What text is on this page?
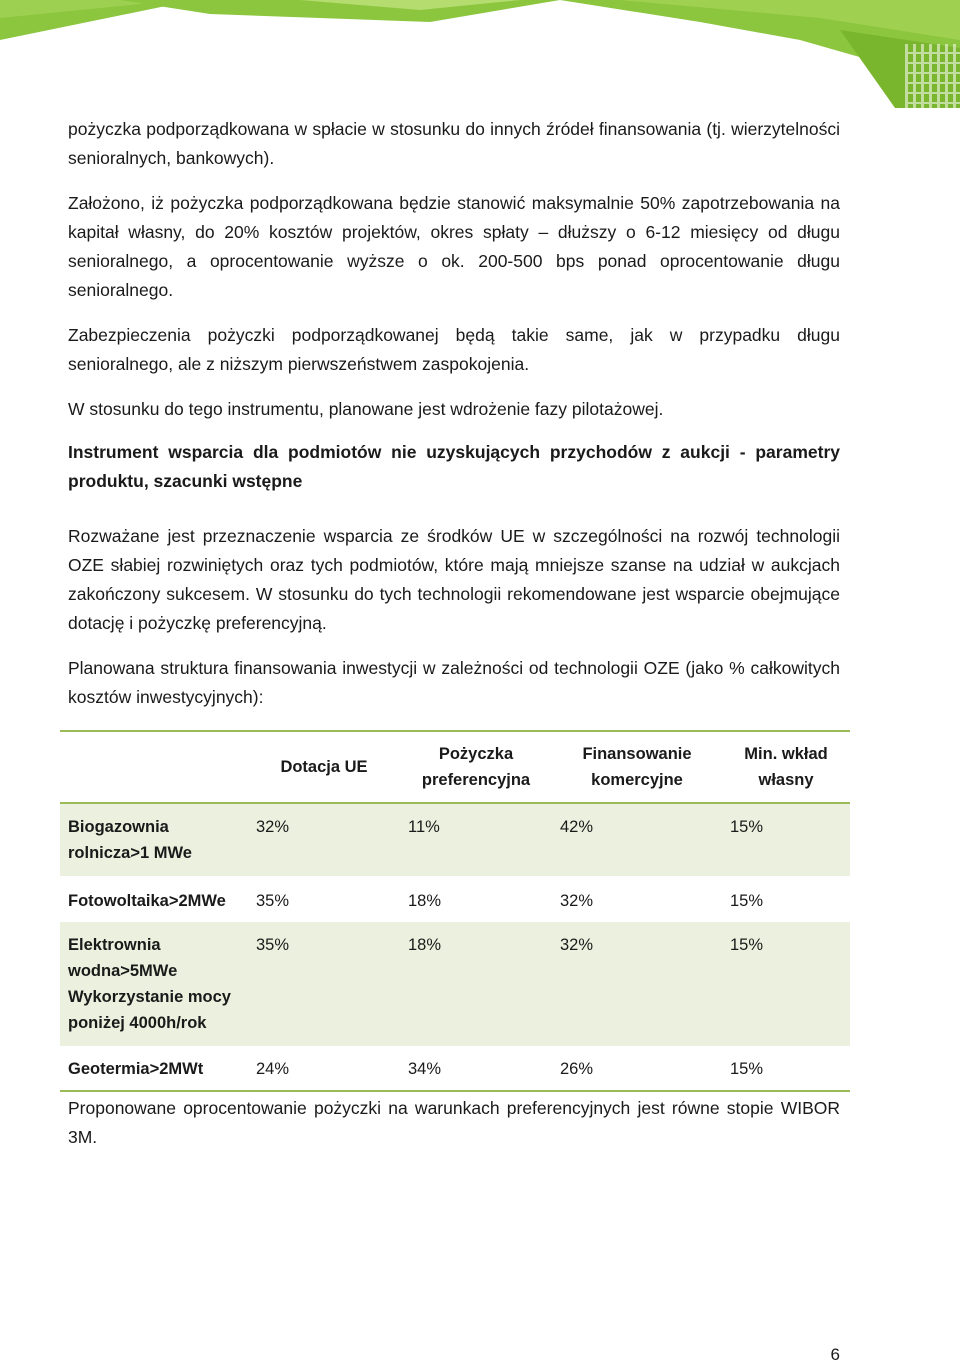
pożyczka podporządkowana w spłacie w stosunku do innych źródeł finansowania (tj. wierzytelności senioralnych, bankowych).

Założono, iż pożyczka podporządkowana będzie stanowić maksymalnie 50% zapotrzebowania na kapitał własny, do 20% kosztów projektów, okres spłaty – dłuższy o 6-12 miesięcy od długu senioralnego, a oprocentowanie wyższe o ok. 200-500 bps ponad oprocentowanie długu senioralnego.

Zabezpieczenia pożyczki podporządkowanej będą takie same, jak w przypadku długu senioralnego, ale z niższym pierwszeństwem zaspokojenia.

W stosunku do tego instrumentu, planowane jest wdrożenie fazy pilotażowej.

Instrument wsparcia dla podmiotów nie uzyskujących przychodów z aukcji - parametry produktu, szacunki wstępne

Rozważane jest przeznaczenie wsparcia ze środków UE w szczególności na rozwój technologii OZE słabiej rozwiniętych oraz tych podmiotów, które mają mniejsze szanse na udział w aukcjach zakończony sukcesem. W stosunku do tych technologii rekomendowane jest wsparcie obejmujące dotację i pożyczkę preferencyjną.

Planowana struktura finansowania inwestycji w zależności od technologii OZE (jako % całkowitych kosztów inwestycyjnych):

	Dotacja UE	Pożyczka preferencyjna	Finansowanie komercyjne	Min. wkład własny
Biogazownia rolnicza>1 MWe	32%	11%	42%	15%
Fotowoltaika>2MWe	35%	18%	32%	15%
Elektrownia wodna>5MWe Wykorzystanie mocy poniżej 4000h/rok	35%	18%	32%	15%
Geotermia>2MWt	24%	34%	26%	15%

Proponowane oprocentowanie pożyczki na warunkach preferencyjnych jest równe stopie WIBOR 3M.

6
